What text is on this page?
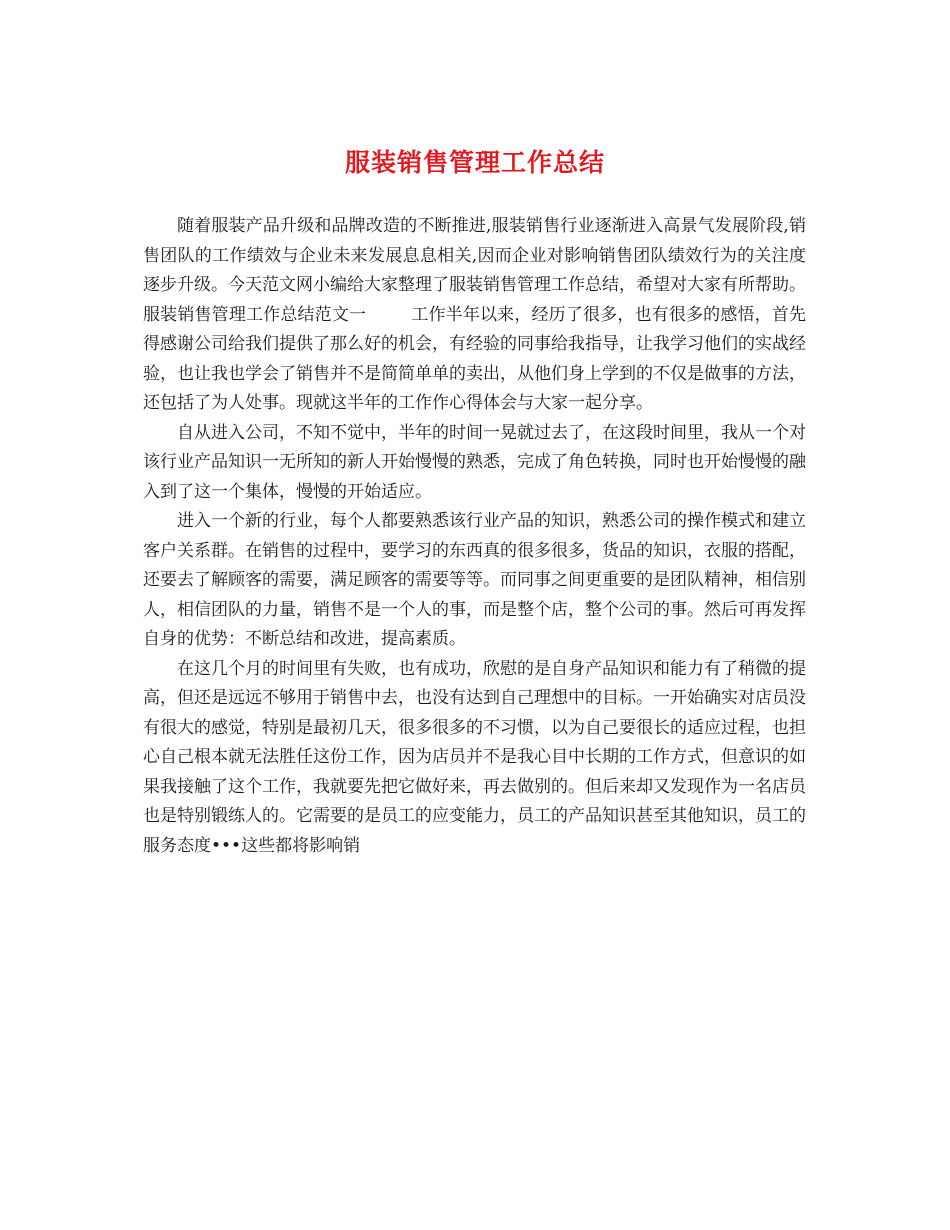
服装销售管理工作总结

随着服装产品升级和品牌改造的不断推进,服装销售行业逐渐进入高景气发展阶段,销售团队的工作绩效与企业未来发展息息相关,因而企业对影响销售团队绩效行为的关注度逐步升级。今天范文网小编给大家整理了服装销售管理工作总结，希望对大家有所帮助。

服装销售管理工作总结范文一	工作半年以来，经历了很多，也有很多的感悟，首先得感谢公司给我们提供了那么好的机会，有经验的同事给我指导，让我学习他们的实战经验，也让我也学会了销售并不是简简单单的卖出，从他们身上学到的不仅是做事的方法，还包括了为人处事。现就这半年的工作作心得体会与大家一起分享。

自从进入公司，不知不觉中，半年的时间一晃就过去了，在这段时间里，我从一个对该行业产品知识一无所知的新人开始慢慢的熟悉，完成了角色转换，同时也开始慢慢的融入到了这一个集体，慢慢的开始适应。

进入一个新的行业，每个人都要熟悉该行业产品的知识，熟悉公司的操作模式和建立客户关系群。在销售的过程中，要学习的东西真的很多很多，货品的知识，衣服的搭配，还要去了解顾客的需要，满足顾客的需要等等。而同事之间更重要的是团队精神，相信别人，相信团队的力量，销售不是一个人的事，而是整个店，整个公司的事。然后可再发挥自身的优势：不断总结和改进，提高素质。

在这几个月的时间里有失败，也有成功，欣慰的是自身产品知识和能力有了稍微的提高，但还是远远不够用于销售中去，也没有达到自己理想中的目标。一开始确实对店员没有很大的感觉，特别是最初几天，很多很多的不习惯，以为自己要很长的适应过程，也担心自己根本就无法胜任这份工作，因为店员并不是我心目中长期的工作方式，但意识的如果我接触了这个工作，我就要先把它做好来，再去做别的。但后来却又发现作为一名店员也是特别锻练人的。它需要的是员工的应变能力，员工的产品知识甚至其他知识，员工的服务态度•••这些都将影响销
